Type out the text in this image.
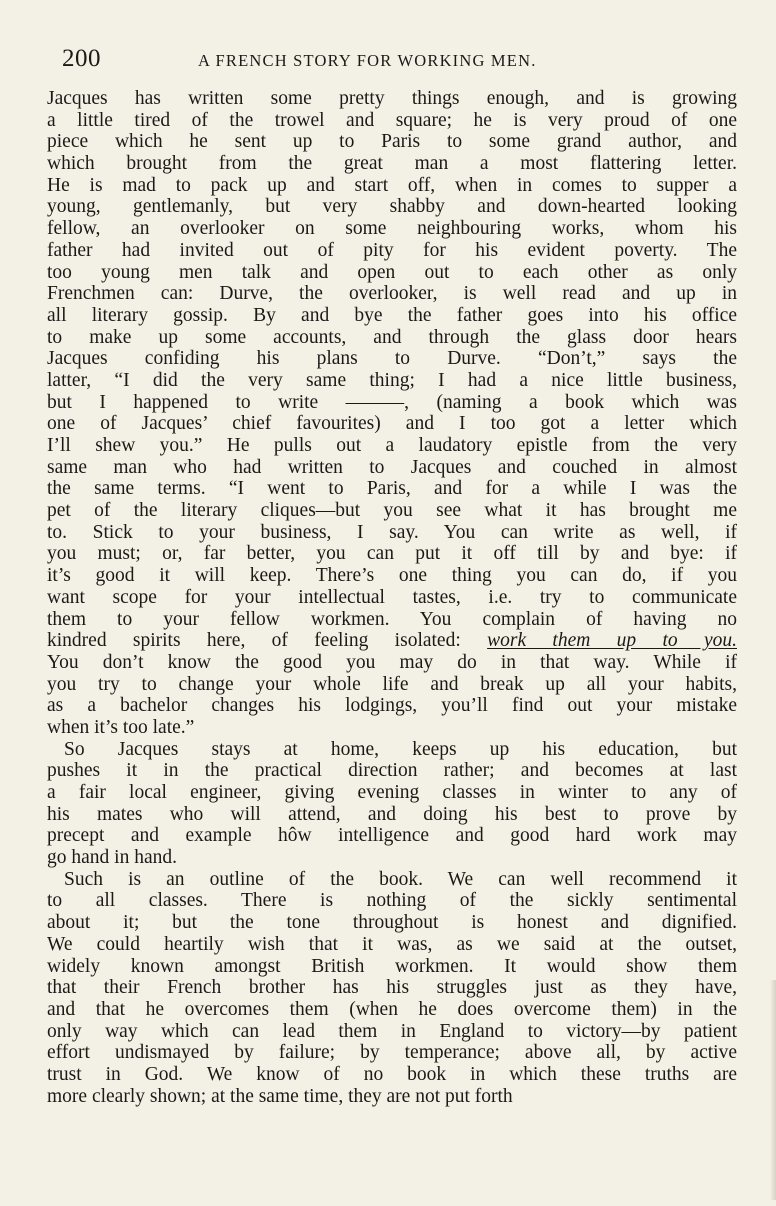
200	A FRENCH STORY FOR WORKING MEN.
Jacques has written some pretty things enough, and is growing
a little tired of the trowel and square; he is very proud of one
piece which he sent up to Paris to some grand author, and
which brought from the great man a most flattering letter.
He is mad to pack up and start off, when in comes to supper a
young, gentlemanly, but very shabby and down-hearted looking
fellow, an overlooker on some neighbouring works, whom his
father had invited out of pity for his evident poverty. The
too young men talk and open out to each other as only
Frenchmen can: Durve, the overlooker, is well read and up in
all literary gossip. By and bye the father goes into his office
to make up some accounts, and through the glass door hears
Jacques confiding his plans to Durve. “Don’t,” says the
latter, “I did the very same thing; I had a nice little business,
but I happened to write ———, (naming a book which was
one of Jacques’ chief favourites) and I too got a letter which
I’ll shew you.” He pulls out a laudatory epistle from the very
same man who had written to Jacques and couched in almost
the same terms. “I went to Paris, and for a while I was the
pet of the literary cliques—but you see what it has brought me
to. Stick to your business, I say. You can write as well, if
you must; or, far better, you can put it off till by and bye: if
it’s good it will keep. There’s one thing you can do, if you
want scope for your intellectual tastes, i.e. try to communicate
them to your fellow workmen. You complain of having no
kindred spirits here, of feeling isolated: work them up to you.
You don’t know the good you may do in that way. While if
you try to change your whole life and break up all your habits,
as a bachelor changes his lodgings, you’ll find out your mistake
when it’s too late.”
So Jacques stays at home, keeps up his education, but
pushes it in the practical direction rather; and becomes at last
a fair local engineer, giving evening classes in winter to any of
his mates who will attend, and doing his best to prove by
precept and example hôw intelligence and good hard work may
go hand in hand.
Such is an outline of the book. We can well recommend it
to all classes. There is nothing of the sickly sentimental
about it; but the tone throughout is honest and dignified.
We could heartily wish that it was, as we said at the outset,
widely known amongst British workmen. It would show them
that their French brother has his struggles just as they have,
and that he overcomes them (when he does overcome them) in the
only way which can lead them in England to victory—by patient
effort undismayed by failure; by temperance; above all, by active
trust in God. We know of no book in which these truths are
more clearly shown; at the same time, they are not put forth
